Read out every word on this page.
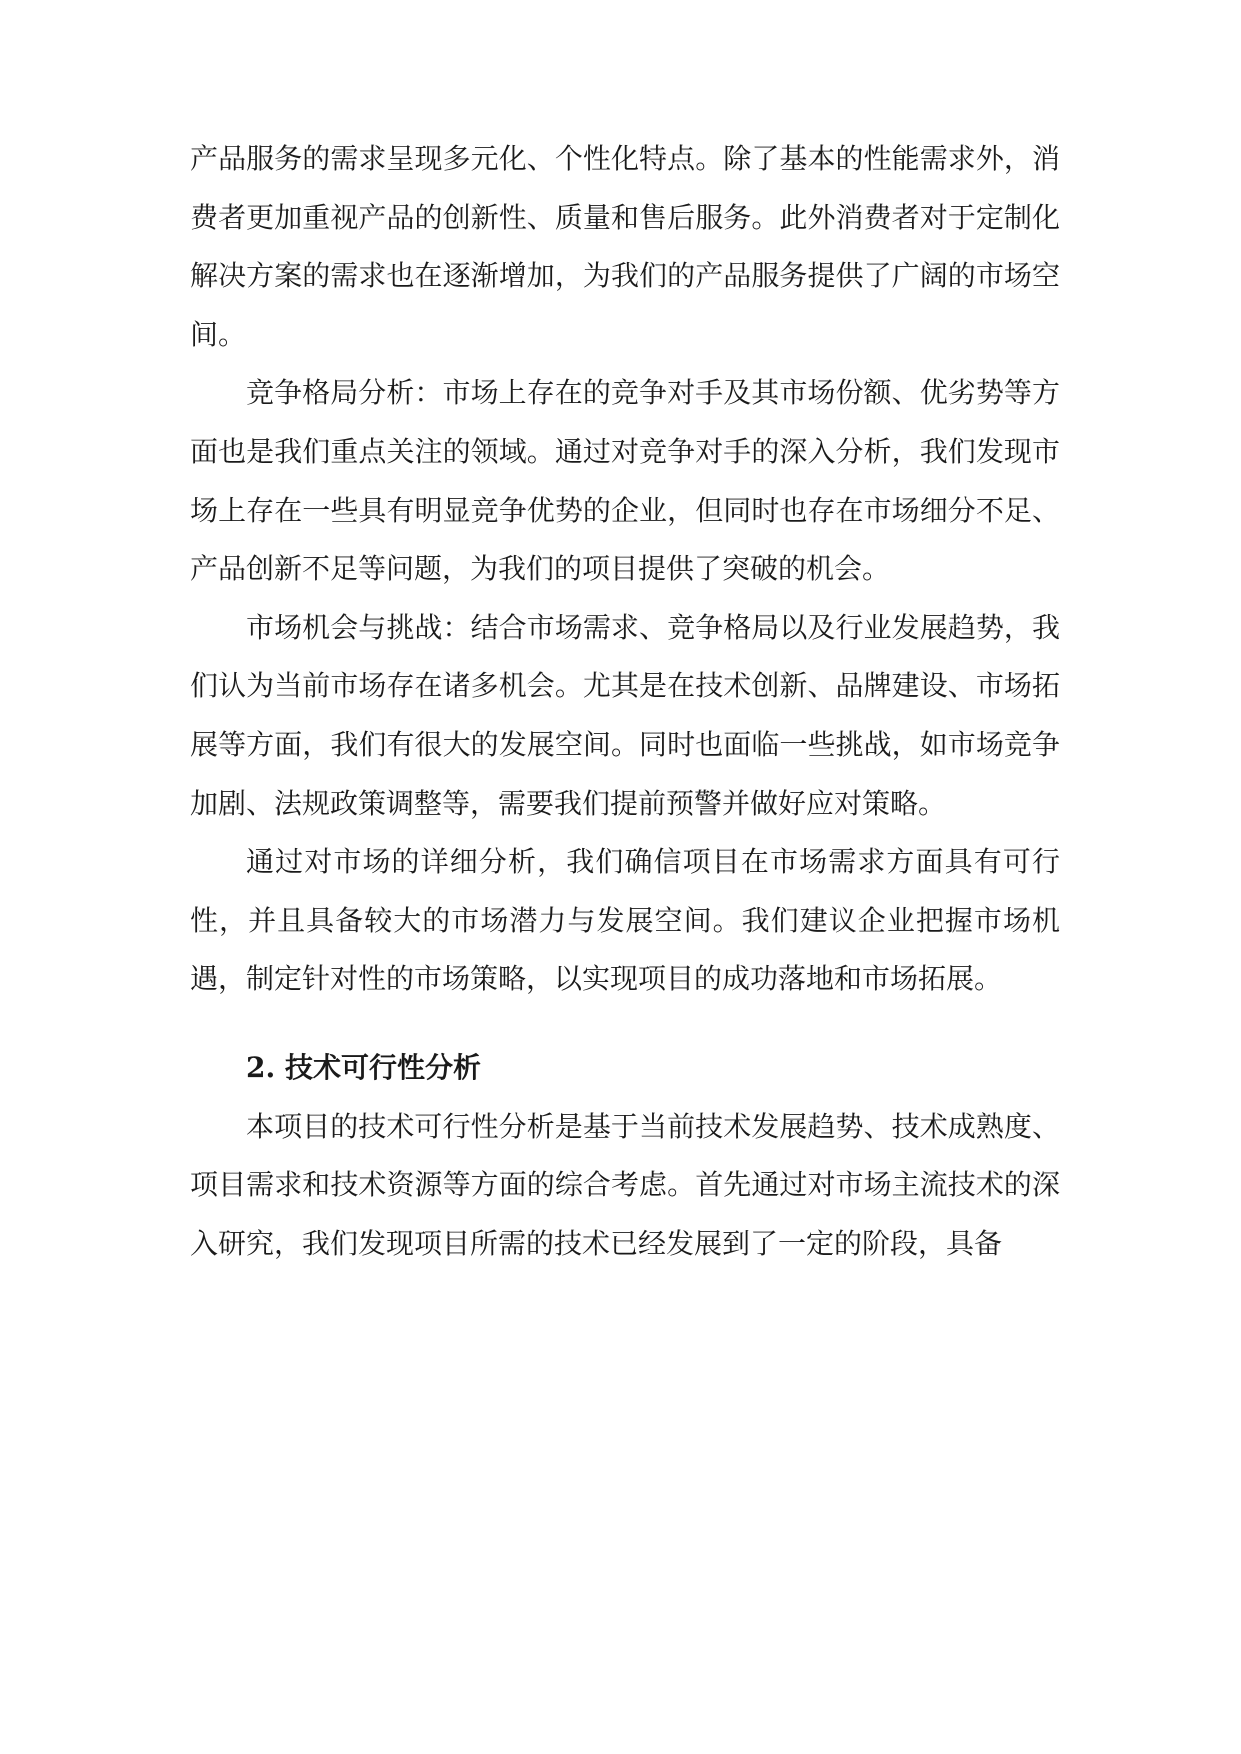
产品服务的需求呈现多元化、个性化特点。除了基本的性能需求外，消费者更加重视产品的创新性、质量和售后服务。此外消费者对于定制化解决方案的需求也在逐渐增加，为我们的产品服务提供了广阔的市场空间。

竞争格局分析：市场上存在的竞争对手及其市场份额、优劣势等方面也是我们重点关注的领域。通过对竞争对手的深入分析，我们发现市场上存在一些具有明显竞争优势的企业，但同时也存在市场细分不足、产品创新不足等问题，为我们的项目提供了突破的机会。

市场机会与挑战：结合市场需求、竞争格局以及行业发展趋势，我们认为当前市场存在诸多机会。尤其是在技术创新、品牌建设、市场拓展等方面，我们有很大的发展空间。同时也面临一些挑战，如市场竞争加剧、法规政策调整等，需要我们提前预警并做好应对策略。

通过对市场的详细分析，我们确信项目在市场需求方面具有可行性，并且具备较大的市场潜力与发展空间。我们建议企业把握市场机遇，制定针对性的市场策略，以实现项目的成功落地和市场拓展。

2. 技术可行性分析

本项目的技术可行性分析是基于当前技术发展趋势、技术成熟度、项目需求和技术资源等方面的综合考虑。首先通过对市场主流技术的深入研究，我们发现项目所需的技术已经发展到了一定的阶段，具备
